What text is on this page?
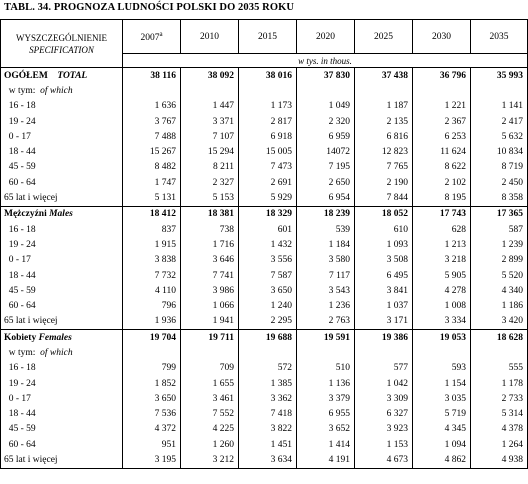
TABL. 34. PROGNOZA LUDNOŚCI POLSKI DO 2035 ROKU
WYSZCZEGÓLNIENIE
SPECIFICATION	2007$^a$	2010	2015	2020	2025	2030	2035
	w tys. in thous.						
OGÓŁEM TOTAL	38 116	38 092	38 016	37 830	37 438	36 796	35 993
w tym: of which							
16 - 18	1 636	1 447	1 173	1 049	1 187	1 221	1 141
19 - 24	3 767	3 371	2 817	2 320	2 135	2 367	2 417
0 - 17	7 488	7 107	6 918	6 959	6 816	6 253	5 632
18 - 44	15 267	15 294	15 005	14072	12 823	11 624	10 834
45 - 59	8 482	8 211	7 473	7 195	7 765	8 622	8 719
60 - 64	1 747	2 327	2 691	2 650	2 190	2 102	2 450
65 lat i więcej	5 131	5 153	5 929	6 954	7 844	8 195	8 358
Mężczyźni Males	18 412	18 381	18 329	18 239	18 052	17 743	17 365
16 - 18	837	738	601	539	610	628	587
19 - 24	1 915	1 716	1 432	1 184	1 093	1 213	1 239
0 - 17	3 838	3 646	3 556	3 580	3 508	3 218	2 899
18 - 44	7 732	7 741	7 587	7 117	6 495	5 905	5 520
45 - 59	4 110	3 986	3 650	3 543	3 841	4 278	4 340
60 - 64	796	1 066	1 240	1 236	1 037	1 008	1 186
65 lat i więcej	1 936	1 941	2 295	2 763	3 171	3 334	3 420
Kobiety Females	19 704	19 711	19 688	19 591	19 386	19 053	18 628
w tym: of which							
16 - 18	799	709	572	510	577	593	555
19 - 24	1 852	1 655	1 385	1 136	1 042	1 154	1 178
0 - 17	3 650	3 461	3 362	3 379	3 309	3 035	2 733
18 - 44	7 536	7 552	7 418	6 955	6 327	5 719	5 314
45 - 59	4 372	4 225	3 822	3 652	3 923	4 345	4 378
60 - 64	951	1 260	1 451	1 414	1 153	1 094	1 264
65 lat i więcej	3 195	3 212	3 634	4 191	4 673	4 862	4 938
